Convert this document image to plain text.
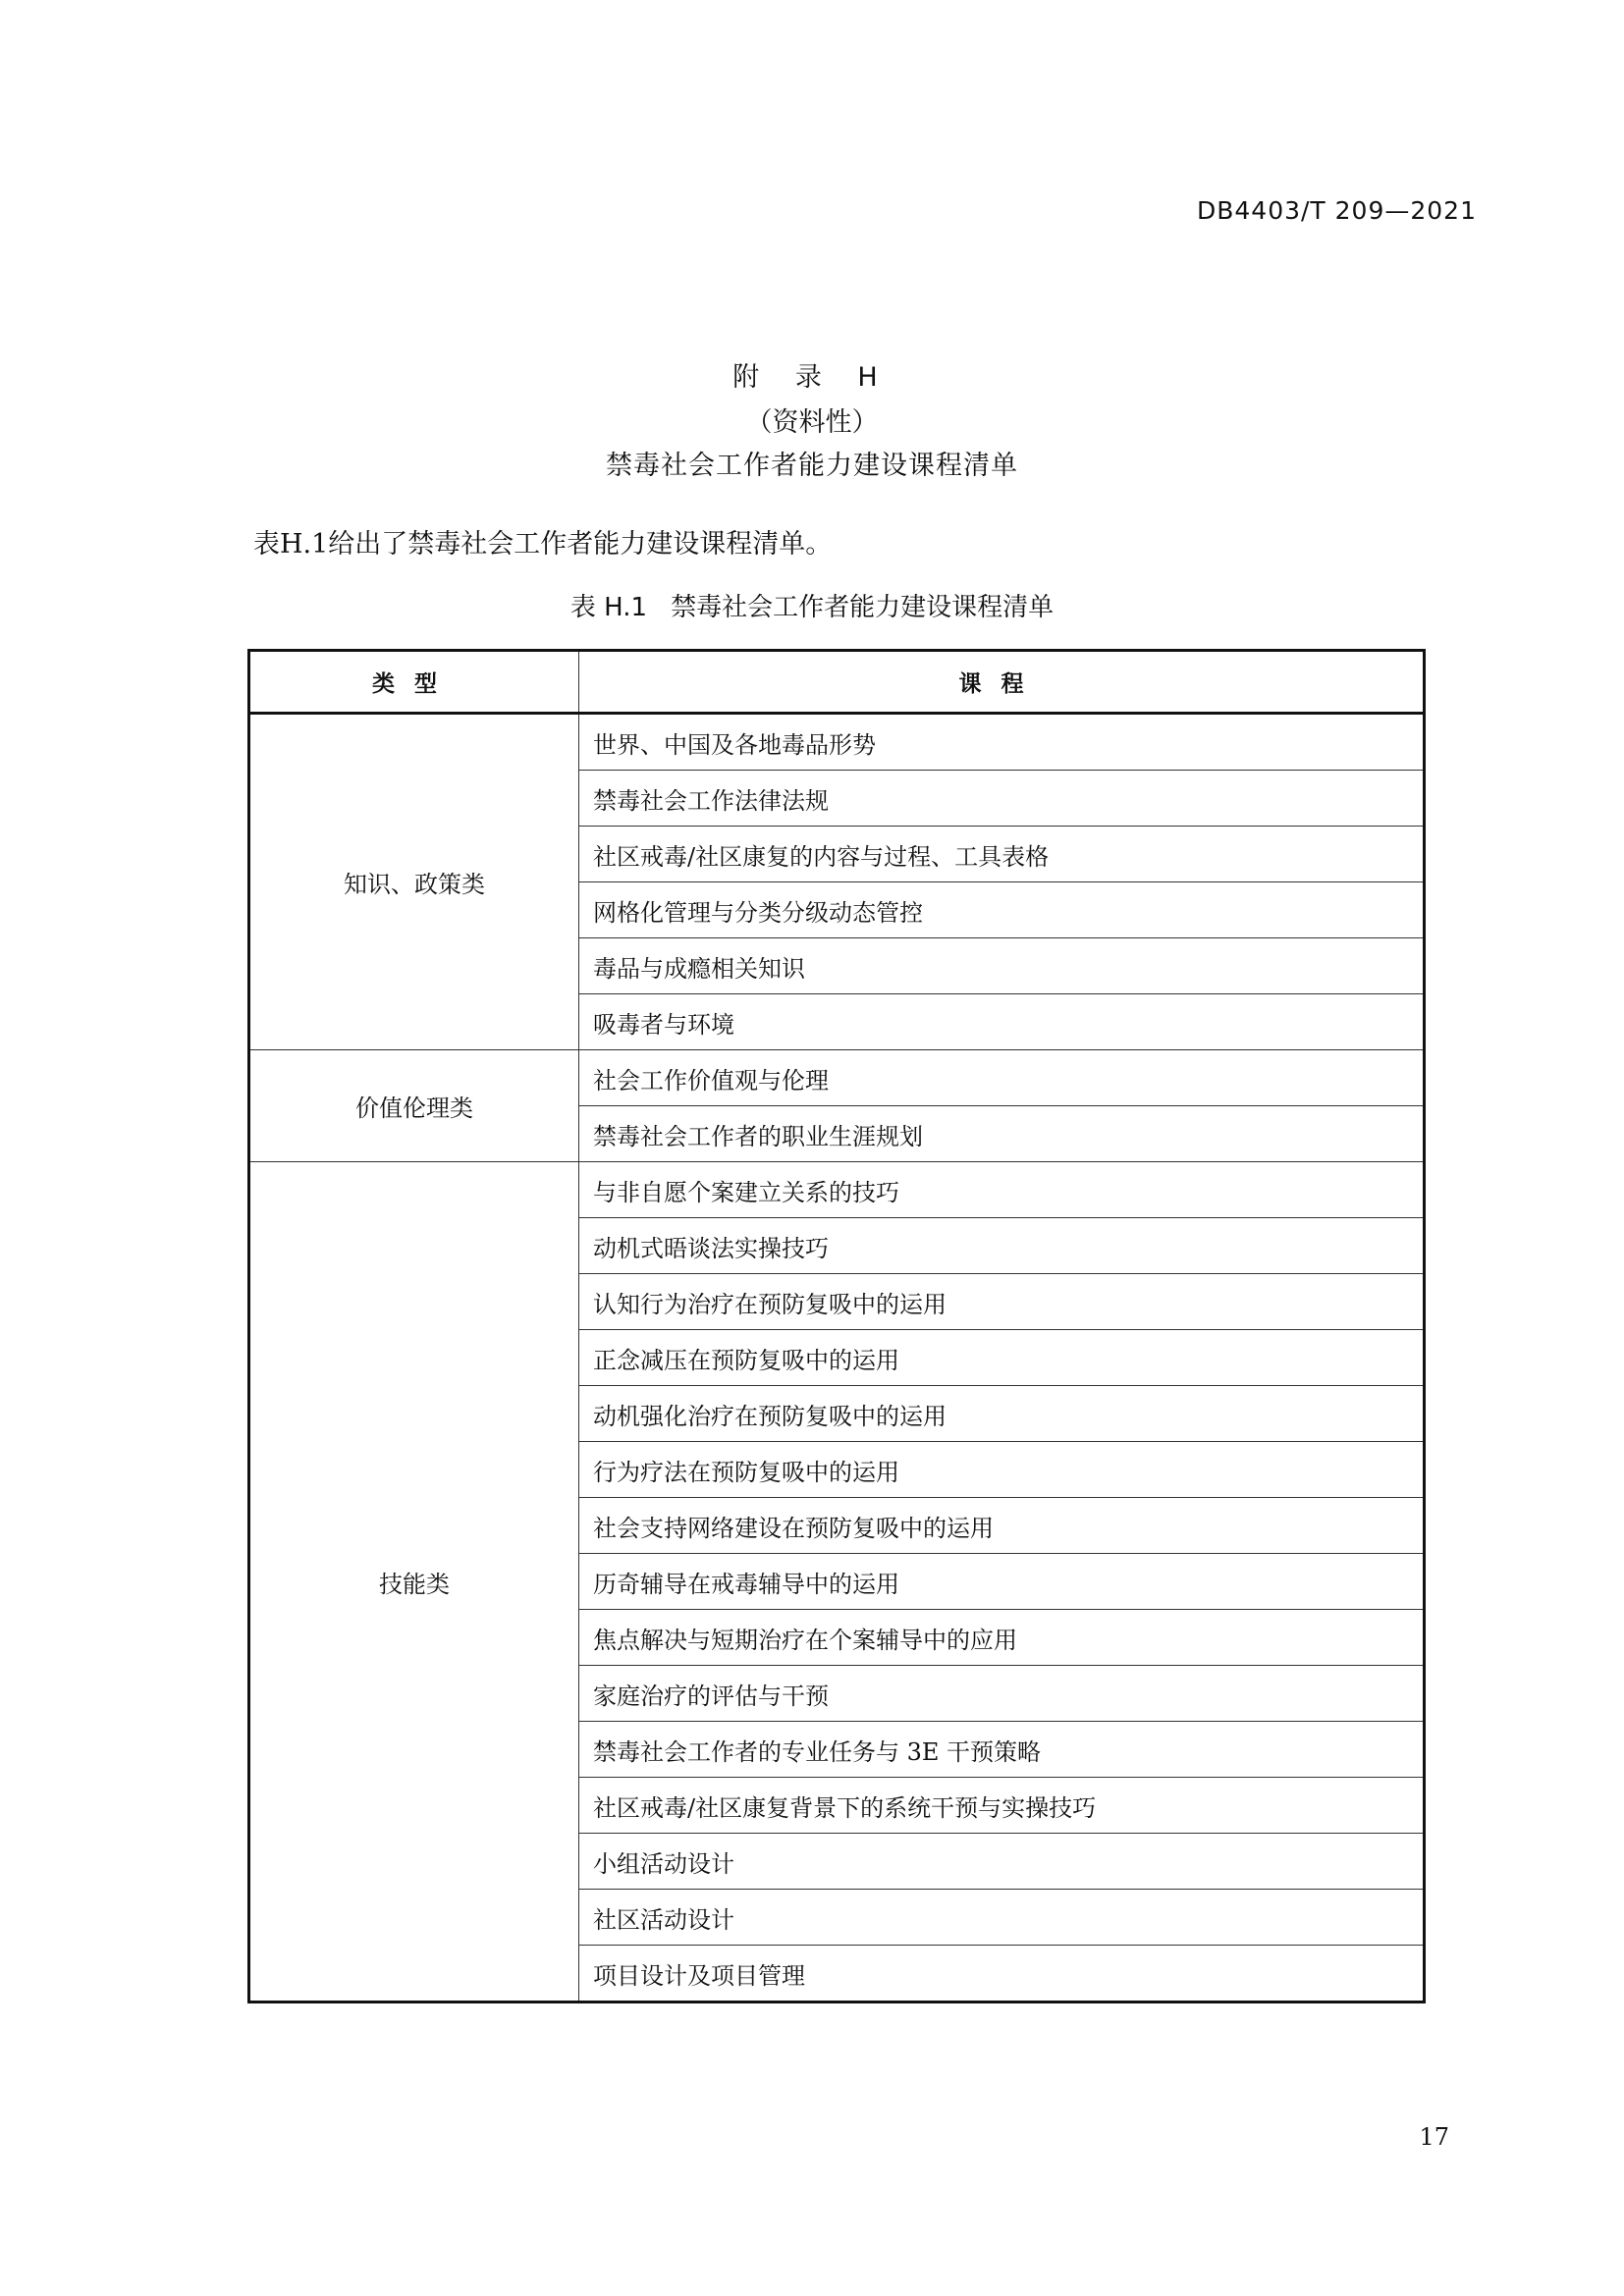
DB4403/T 209—2021
附 录 H
（资料性）
禁毒社会工作者能力建设课程清单
表H.1给出了禁毒社会工作者能力建设课程清单。
表 H.1 禁毒社会工作者能力建设课程清单
类型	课程
知识、政策类	世界、中国及各地毒品形势
	禁毒社会工作法律法规
	社区戒毒/社区康复的内容与过程、工具表格
	网格化管理与分类分级动态管控
	毒品与成瘾相关知识
	吸毒者与环境
价值伦理类	社会工作价值观与伦理
	禁毒社会工作者的职业生涯规划
技能类	与非自愿个案建立关系的技巧
	动机式晤谈法实操技巧
	认知行为治疗在预防复吸中的运用
	正念减压在预防复吸中的运用
	动机强化治疗在预防复吸中的运用
	行为疗法在预防复吸中的运用
	社会支持网络建设在预防复吸中的运用
	历奇辅导在戒毒辅导中的运用
	焦点解决与短期治疗在个案辅导中的应用
	家庭治疗的评估与干预
	禁毒社会工作者的专业任务与 3E 干预策略
	社区戒毒/社区康复背景下的系统干预与实操技巧
	小组活动设计
	社区活动设计
	项目设计及项目管理
17
